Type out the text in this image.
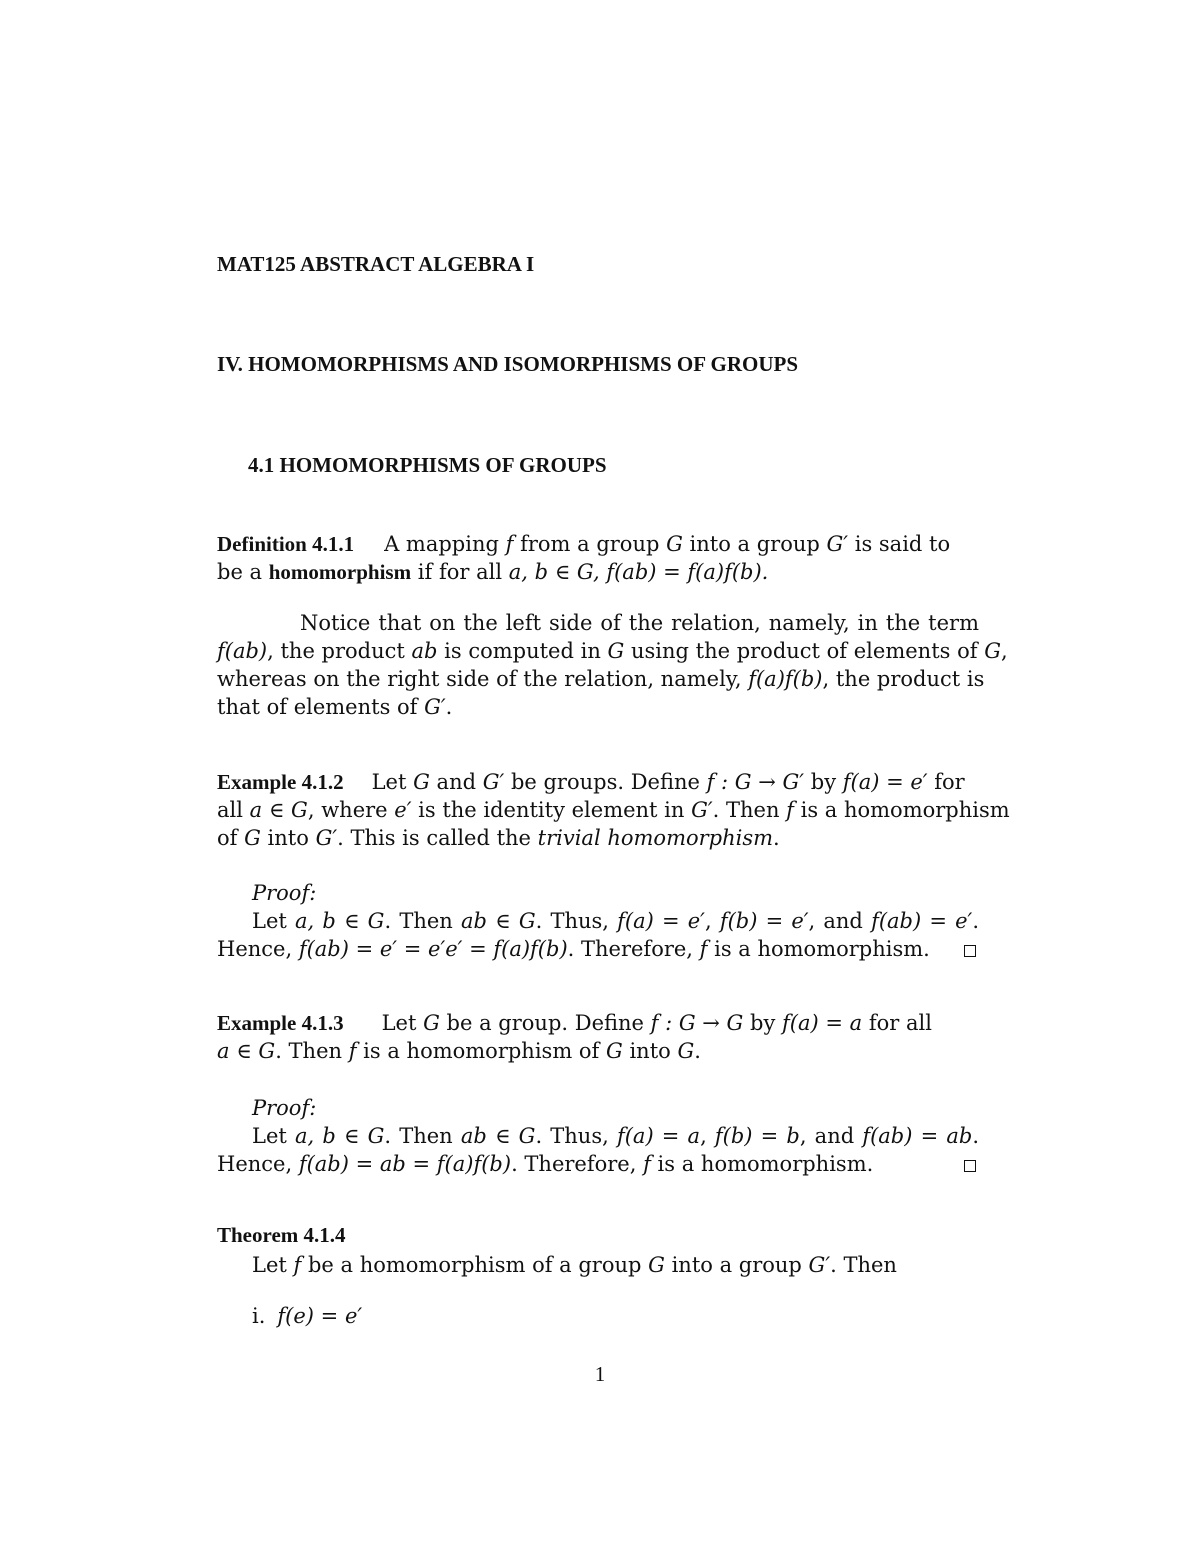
MAT125 ABSTRACT ALGEBRA I
IV. HOMOMORPHISMS AND ISOMORPHISMS OF GROUPS
4.1 HOMOMORPHISMS OF GROUPS
Definition 4.1.1 A mapping f from a group G into a group G′ is said to
be a homomorphism if for all a, b ∈ G, f(ab) = f(a)f(b).
Notice that on the left side of the relation, namely, in the term
f(ab), the product ab is computed in G using the product of elements of G,
whereas on the right side of the relation, namely, f(a)f(b), the product is
that of elements of G′.
Example 4.1.2 Let G and G′ be groups. Define f : G → G′ by f(a) = e′ for
all a ∈ G, where e′ is the identity element in G′. Then f is a homomorphism
of G into G′. This is called the trivial homomorphism.
Proof:
Let a, b ∈ G. Then ab ∈ G. Thus, f(a) = e′, f(b) = e′, and f(ab) = e′.
Hence, f(ab) = e′ = e′e′ = f(a)f(b). Therefore, f is a homomorphism.
Example 4.1.3 Let G be a group. Define f : G → G by f(a) = a for all
a ∈ G. Then f is a homomorphism of G into G.
Proof:
Let a, b ∈ G. Then ab ∈ G. Thus, f(a) = a, f(b) = b, and f(ab) = ab.
Hence, f(ab) = ab = f(a)f(b). Therefore, f is a homomorphism.
Theorem 4.1.4
Let f be a homomorphism of a group G into a group G′. Then
i. f(e) = e′
1
